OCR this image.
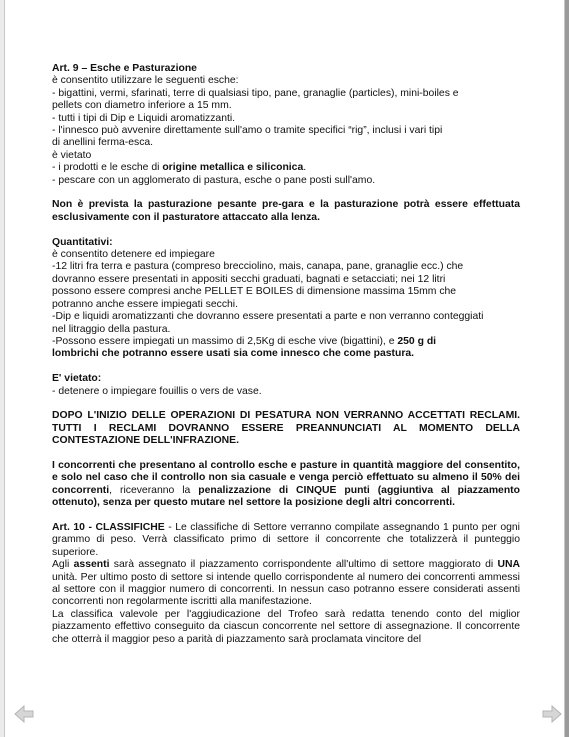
Art. 9 – Esche e Pasturazione

è consentito utilizzare le seguenti esche:

- bigattini, vermi, sfarinati, terre di qualsiasi tipo, pane, granaglie (particles), mini-boiles e

pellets con diametro inferiore a 15 mm.

- tutti i tipi di Dip e Liquidi aromatizzanti.

- l'innesco può avvenire direttamente sull'amo o tramite specifici “rig”, inclusi i vari tipi

di anellini ferma-esca.

è vietato

- i prodotti e le esche di origine metallica e siliconica.

- pescare con un agglomerato di pastura, esche o pane posti sull'amo.

Non è prevista la pasturazione pesante pre-gara e la pasturazione potrà essere effettuata esclusivamente con il pasturatore attaccato alla lenza.

Quantitativi:

è consentito detenere ed impiegare

-12 litri fra terra e pastura (compreso brecciolino, mais, canapa, pane, granaglie ecc.) che

dovranno essere presentati in appositi secchi graduati, bagnati e setacciati; nei 12 litri

possono essere compresi anche PELLET E BOILES di dimensione massima 15mm che

potranno anche essere impiegati secchi.

-Dip e liquidi aromatizzanti che dovranno essere presentati a parte e non verranno conteggiati

nel litraggio della pastura.

-Possono essere impiegati un massimo di 2,5Kg di esche vive (bigattini), e 250 g di

lombrichi che potranno essere usati sia come innesco che come pastura.

E' vietato:

- detenere o impiegare fouillis o vers de vase.

DOPO L'INIZIO DELLE OPERAZIONI DI PESATURA NON VERRANNO ACCETTATI RECLAMI. TUTTI I RECLAMI DOVRANNO ESSERE PREANNUNCIATI AL MOMENTO DELLA CONTESTAZIONE DELL'INFRAZIONE.

I concorrenti che presentano al controllo esche e pasture in quantità maggiore del consentito, e solo nel caso che il controllo non sia casuale e venga perciò effettuato su almeno il 50% dei concorrenti, riceveranno la penalizzazione di CINQUE punti (aggiuntiva al piazzamento ottenuto), senza per questo mutare nel settore la posizione degli altri concorrenti.

Art. 10 - CLASSIFICHE - Le classifiche di Settore verranno compilate assegnando 1 punto per ogni grammo di peso. Verrà classificato primo di settore il concorrente che totalizzerà il punteggio superiore.

Agli assenti sarà assegnato il piazzamento corrispondente all'ultimo di settore maggiorato di UNA unità. Per ultimo posto di settore si intende quello corrispondente al numero dei concorrenti ammessi al settore con il maggior numero di concorrenti. In nessun caso potranno essere considerati assenti concorrenti non regolarmente iscritti alla manifestazione.

La classifica valevole per l'aggiudicazione del Trofeo sarà redatta tenendo conto del miglior piazzamento effettivo conseguito da ciascun concorrente nel settore di assegnazione. Il concorrente che otterrà il maggior peso a parità di piazzamento sarà proclamata vincitore del
